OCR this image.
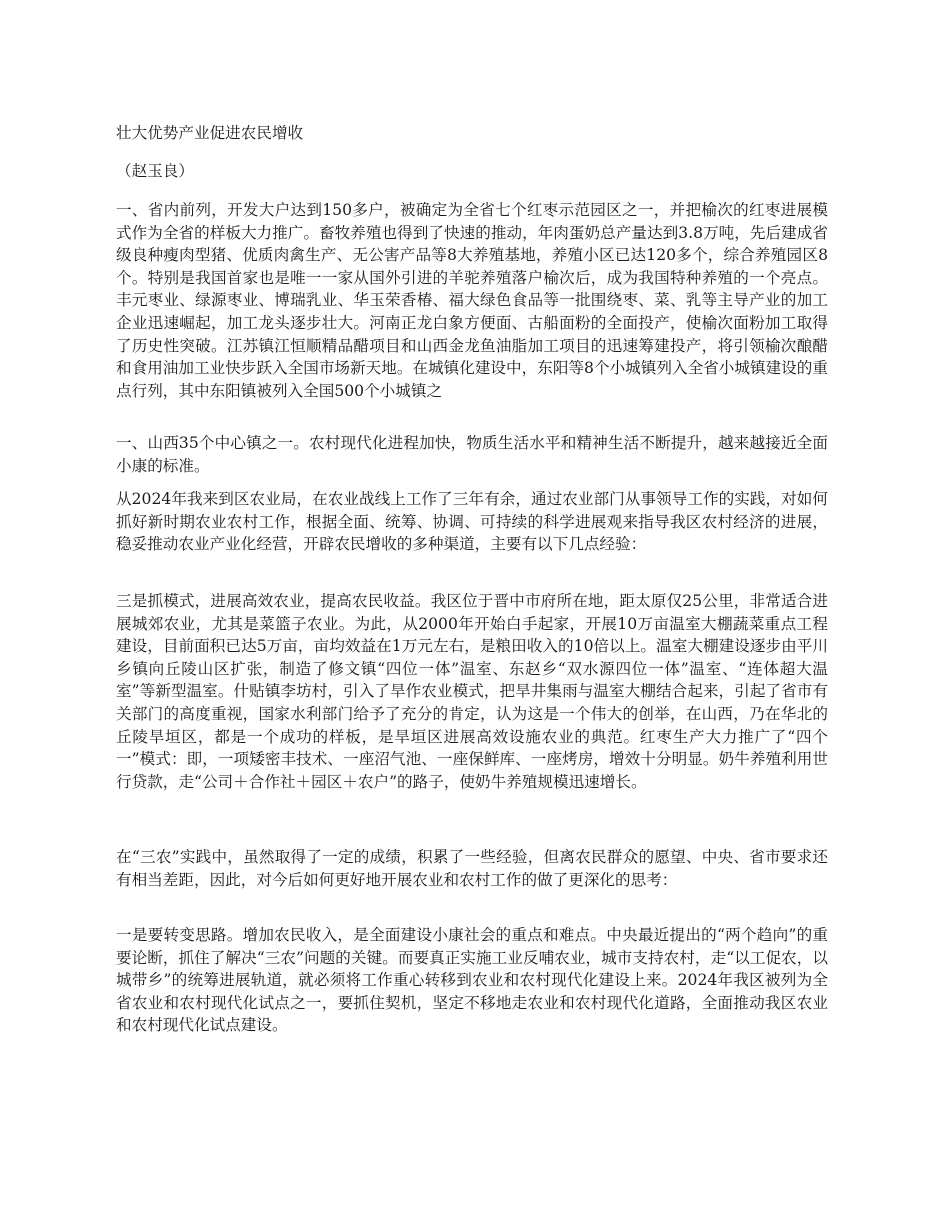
壮大优势产业促进农民增收

（赵玉良）

一、省内前列，开发大户达到150多户，被确定为全省七个红枣示范园区之一，并把榆次的红枣进展模式作为全省的样板大力推广。畜牧养殖也得到了快速的推动，年肉蛋奶总产量达到3.8万吨，先后建成省级良种瘦肉型猪、优质肉禽生产、无公害产品等8大养殖基地，养殖小区已达120多个，综合养殖园区8个。特别是我国首家也是唯一一家从国外引进的羊驼养殖落户榆次后，成为我国特种养殖的一个亮点。丰元枣业、绿源枣业、博瑞乳业、华玉荣香椿、福大绿色食品等一批围绕枣、菜、乳等主导产业的加工企业迅速崛起，加工龙头逐步壮大。河南正龙白象方便面、古船面粉的全面投产，使榆次面粉加工取得了历史性突破。江苏镇江恒顺精品醋项目和山西金龙鱼油脂加工项目的迅速筹建投产，将引领榆次酿醋和食用油加工业快步跃入全国市场新天地。在城镇化建设中，东阳等8个小城镇列入全省小城镇建设的重点行列，其中东阳镇被列入全国500个小城镇之

一、山西35个中心镇之一。农村现代化进程加快，物质生活水平和精神生活不断提升，越来越接近全面小康的标准。

从2024年我来到区农业局，在农业战线上工作了三年有余，通过农业部门从事领导工作的实践，对如何抓好新时期农业农村工作，根据全面、统筹、协调、可持续的科学进展观来指导我区农村经济的进展，稳妥推动农业产业化经营，开辟农民增收的多种渠道，主要有以下几点经验：

三是抓模式，进展高效农业，提高农民收益。我区位于晋中市府所在地，距太原仅25公里，非常适合进展城郊农业，尤其是菜篮子农业。为此，从2000年开始白手起家，开展10万亩温室大棚蔬菜重点工程建设，目前面积已达5万亩，亩均效益在1万元左右，是粮田收入的10倍以上。温室大棚建设逐步由平川乡镇向丘陵山区扩张，制造了修文镇“四位一体”温室、东赵乡“双水源四位一体”温室、“连体超大温室”等新型温室。什贴镇李坊村，引入了旱作农业模式，把旱井集雨与温室大棚结合起来，引起了省市有关部门的高度重视，国家水利部门给予了充分的肯定，认为这是一个伟大的创举，在山西，乃在华北的丘陵旱垣区，都是一个成功的样板，是旱垣区进展高效设施农业的典范。红枣生产大力推广了“四个一”模式：即，一项矮密丰技术、一座沼气池、一座保鲜库、一座烤房，增效十分明显。奶牛养殖利用世行贷款，走“公司＋合作社＋园区＋农户”的路子，使奶牛养殖规模迅速增长。

在“三农”实践中，虽然取得了一定的成绩，积累了一些经验，但离农民群众的愿望、中央、省市要求还有相当差距，因此，对今后如何更好地开展农业和农村工作的做了更深化的思考：

一是要转变思路。增加农民收入，是全面建设小康社会的重点和难点。中央最近提出的“两个趋向”的重要论断，抓住了解决“三农”问题的关键。而要真正实施工业反哺农业，城市支持农村，走“以工促农，以城带乡”的统筹进展轨道，就必须将工作重心转移到农业和农村现代化建设上来。2024年我区被列为全省农业和农村现代化试点之一，要抓住契机，坚定不移地走农业和农村现代化道路，全面推动我区农业和农村现代化试点建设。
